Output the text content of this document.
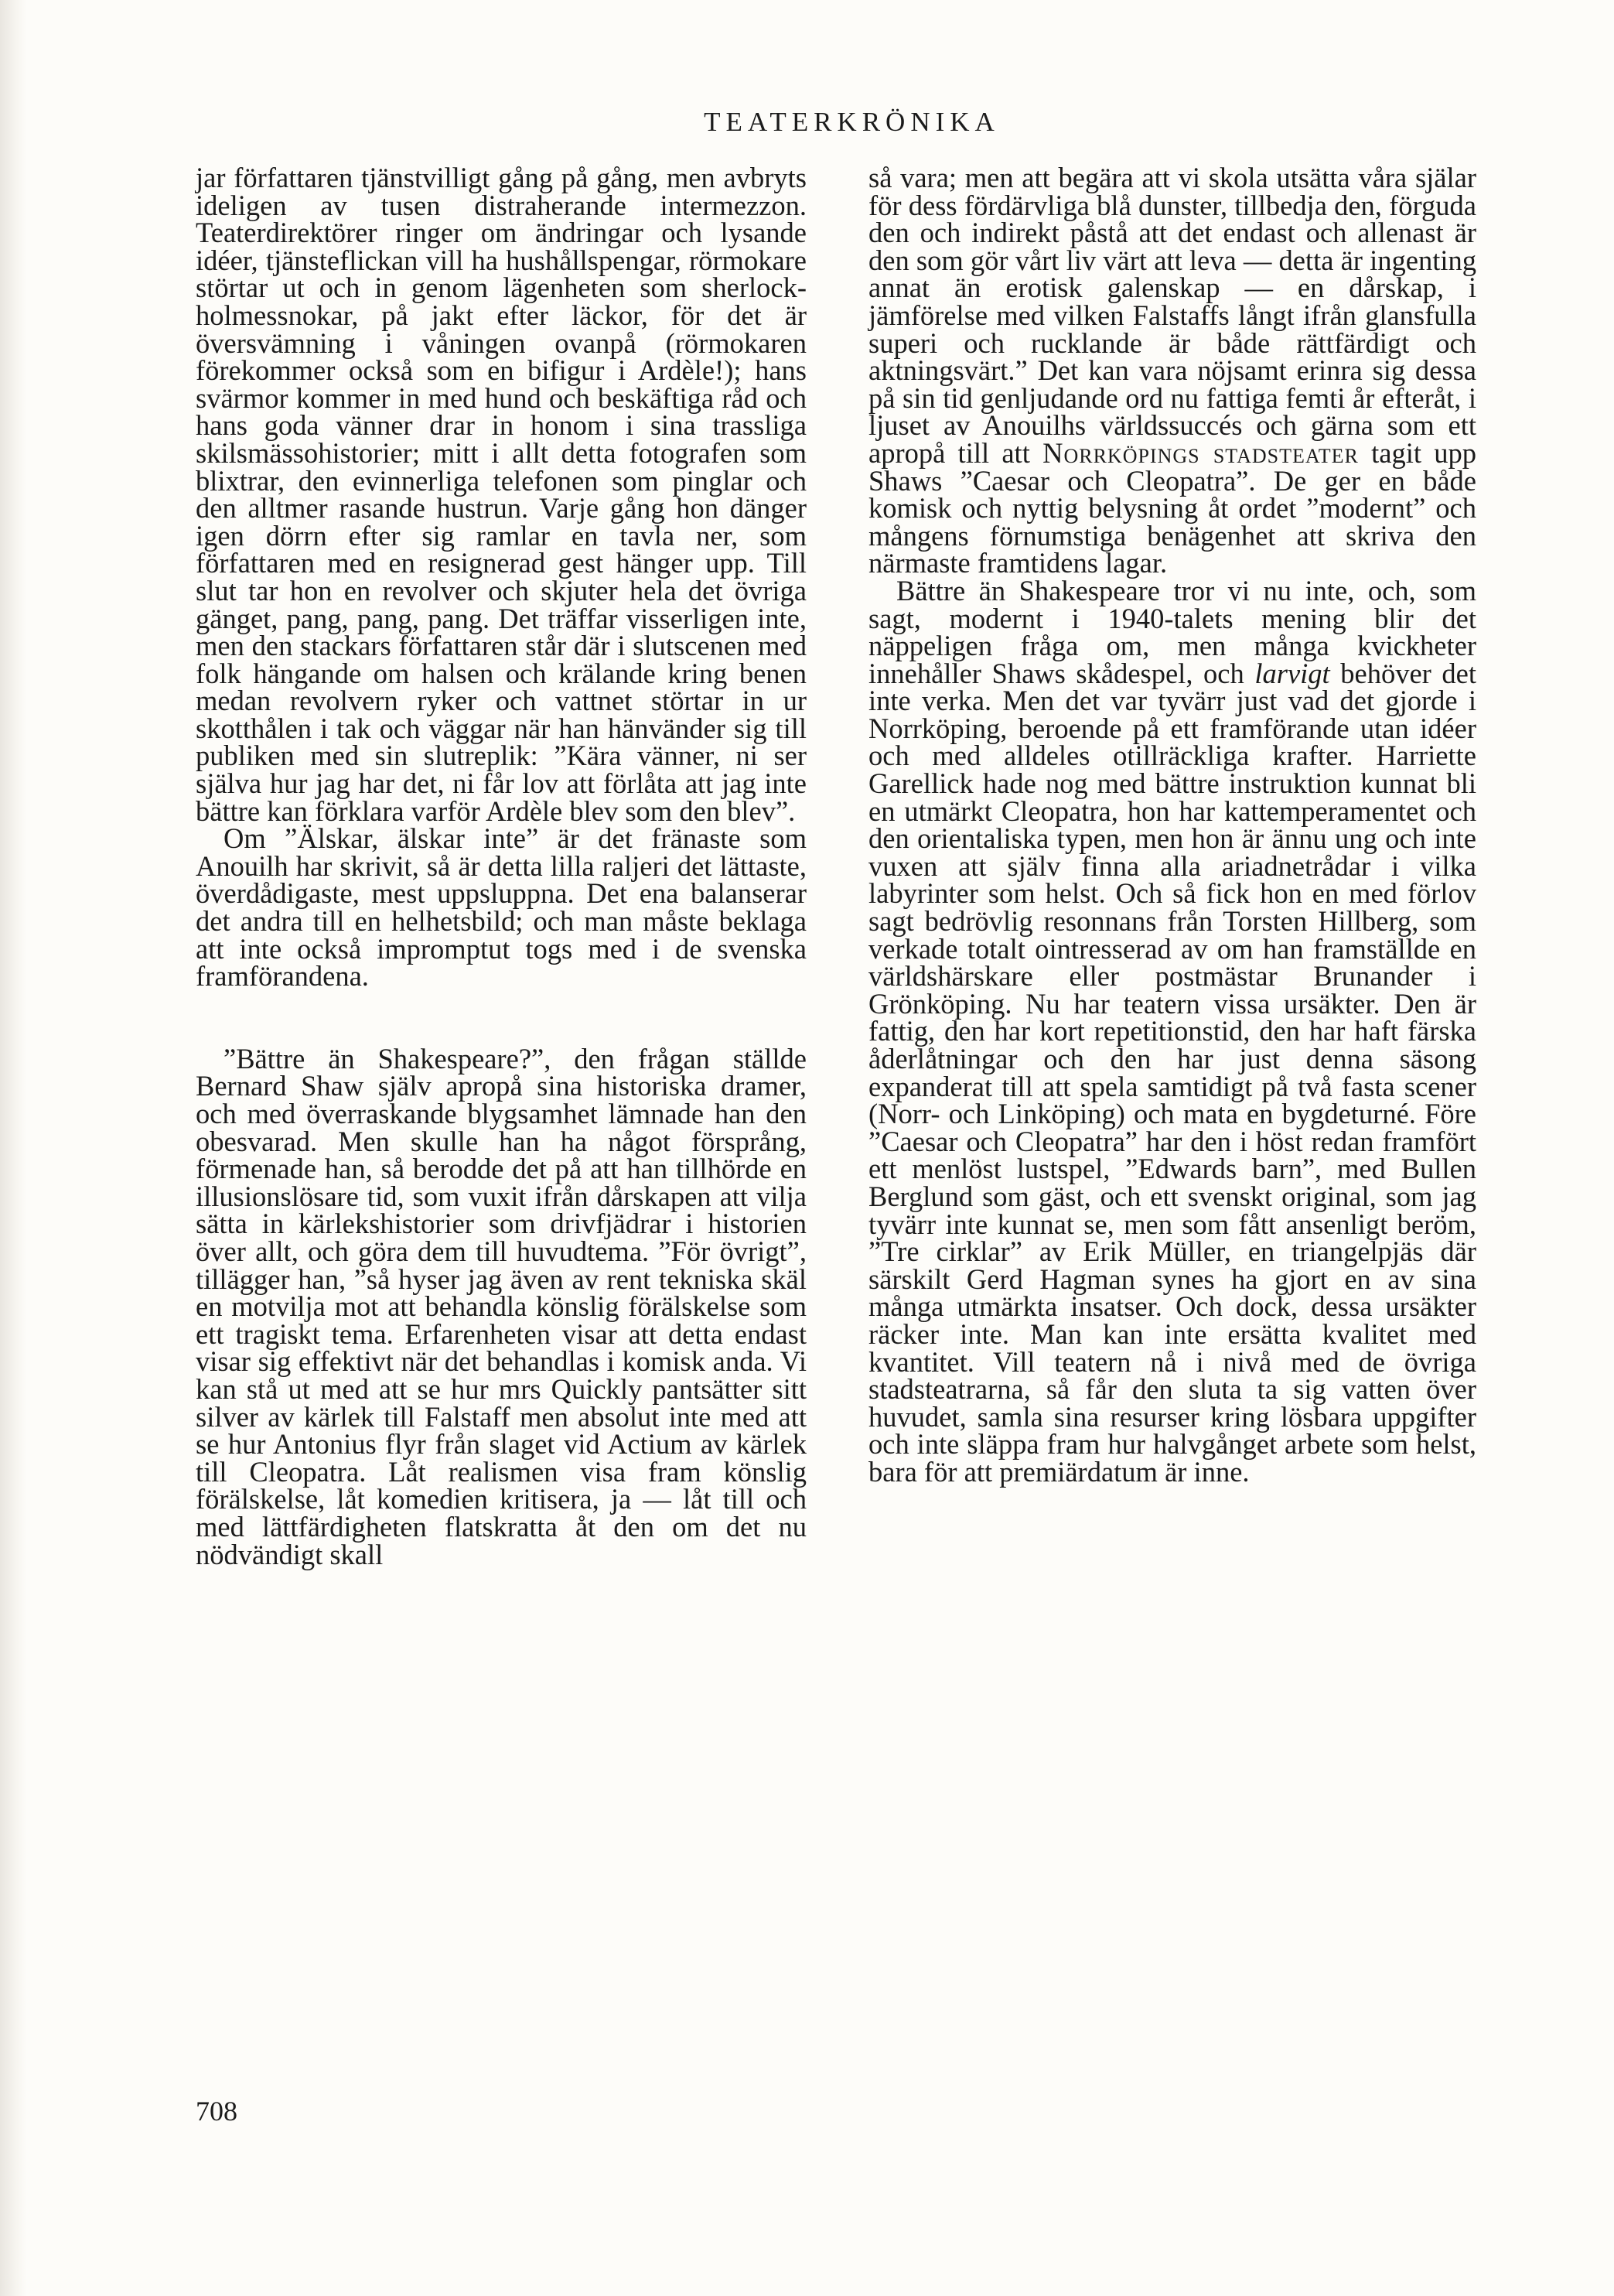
TEATERKRÖNIKA

jar författaren tjänstvilligt gång på gång, men avbryts ideligen av tusen distraherande intermezzon. Teaterdirektörer ringer om ändringar och lysande idéer, tjänsteflickan vill ha hushållspengar, rörmokare störtar ut och in genom lägenheten som sherlock-holmessnokar, på jakt efter läckor, för det är översvämning i våningen ovanpå (rörmokaren förekommer också som en bifigur i Ardèle!); hans svärmor kommer in med hund och beskäftiga råd och hans goda vänner drar in honom i sina trassliga skilsmässohistorier; mitt i allt detta fotografen som blixtrar, den evinnerliga telefonen som pinglar och den alltmer rasande hustrun. Varje gång hon dänger igen dörrn efter sig ramlar en tavla ner, som författaren med en resignerad gest hänger upp. Till slut tar hon en revolver och skjuter hela det övriga gänget, pang, pang, pang. Det träffar visserligen inte, men den stackars författaren står där i slutscenen med folk hängande om halsen och krälande kring benen medan revolvern ryker och vattnet störtar in ur skotthålen i tak och väggar när han hänvänder sig till publiken med sin slutreplik: ”Kära vänner, ni ser själva hur jag har det, ni får lov att förlåta att jag inte bättre kan förklara varför Ardèle blev som den blev”.

Om ”Älskar, älskar inte” är det fränaste som Anouilh har skrivit, så är detta lilla raljeri det lättaste, överdådigaste, mest uppsluppna. Det ena balanserar det andra till en helhetsbild; och man måste beklaga att inte också impromptut togs med i de svenska framförandena.

”Bättre än Shakespeare?”, den frågan ställde Bernard Shaw själv apropå sina historiska dramer, och med överraskande blygsamhet lämnade han den obesvarad. Men skulle han ha något försprång, förmenade han, så berodde det på att han tillhörde en illusionslösare tid, som vuxit ifrån dårskapen att vilja sätta in kärlekshistorier som drivfjädrar i historien över allt, och göra dem till huvudtema. ”För övrigt”, tillägger han, ”så hyser jag även av rent tekniska skäl en motvilja mot att behandla könslig förälskelse som ett tragiskt tema. Erfarenheten visar att detta endast visar sig effektivt när det behandlas i komisk anda. Vi kan stå ut med att se hur mrs Quickly pantsätter sitt silver av kärlek till Falstaff men absolut inte med att se hur Antonius flyr från slaget vid Actium av kärlek till Cleopatra. Låt realismen visa fram könslig förälskelse, låt komedien kritisera, ja — låt till och med lättfärdigheten flatskratta åt den om det nu nödvändigt skall

så vara; men att begära att vi skola utsätta våra själar för dess fördärvliga blå dunster, tillbedja den, förguda den och indirekt påstå att det endast och allenast är den som gör vårt liv värt att leva — detta är ingenting annat än erotisk galenskap — en dårskap, i jämförelse med vilken Falstaffs långt ifrån glansfulla superi och rucklande är både rättfärdigt och aktningsvärt.” Det kan vara nöjsamt erinra sig dessa på sin tid genljudande ord nu fattiga femti år efteråt, i ljuset av Anouilhs världssuccés och gärna som ett apropå till att Norrköpings stadsteater tagit upp Shaws ”Caesar och Cleopatra”. De ger en både komisk och nyttig belysning åt ordet ”modernt” och mångens förnumstiga benägenhet att skriva den närmaste framtidens lagar.

Bättre än Shakespeare tror vi nu inte, och, som sagt, modernt i 1940-talets mening blir det näppeligen fråga om, men många kvickheter innehåller Shaws skådespel, och larvigt behöver det inte verka. Men det var tyvärr just vad det gjorde i Norrköping, beroende på ett framförande utan idéer och med alldeles otillräckliga krafter. Harriette Garellick hade nog med bättre instruktion kunnat bli en utmärkt Cleopatra, hon har kattemperamentet och den orientaliska typen, men hon är ännu ung och inte vuxen att själv finna alla ariadnetrådar i vilka labyrinter som helst. Och så fick hon en med förlov sagt bedrövlig resonnans från Torsten Hillberg, som verkade totalt ointresserad av om han framställde en världshärskare eller postmästar Brunander i Grönköping. Nu har teatern vissa ursäkter. Den är fattig, den har kort repetitionstid, den har haft färska åderlåtningar och den har just denna säsong expanderat till att spela samtidigt på två fasta scener (Norr- och Linköping) och mata en bygdeturné. Före ”Caesar och Cleopatra” har den i höst redan framfört ett menlöst lustspel, ”Edwards barn”, med Bullen Berglund som gäst, och ett svenskt original, som jag tyvärr inte kunnat se, men som fått ansenligt beröm, ”Tre cirklar” av Erik Müller, en triangelpjäs där särskilt Gerd Hagman synes ha gjort en av sina många utmärkta insatser. Och dock, dessa ursäkter räcker inte. Man kan inte ersätta kvalitet med kvantitet. Vill teatern nå i nivå med de övriga stadsteatrarna, så får den sluta ta sig vatten över huvudet, samla sina resurser kring lösbara uppgifter och inte släppa fram hur halvgånget arbete som helst, bara för att premiärdatum är inne.

708
